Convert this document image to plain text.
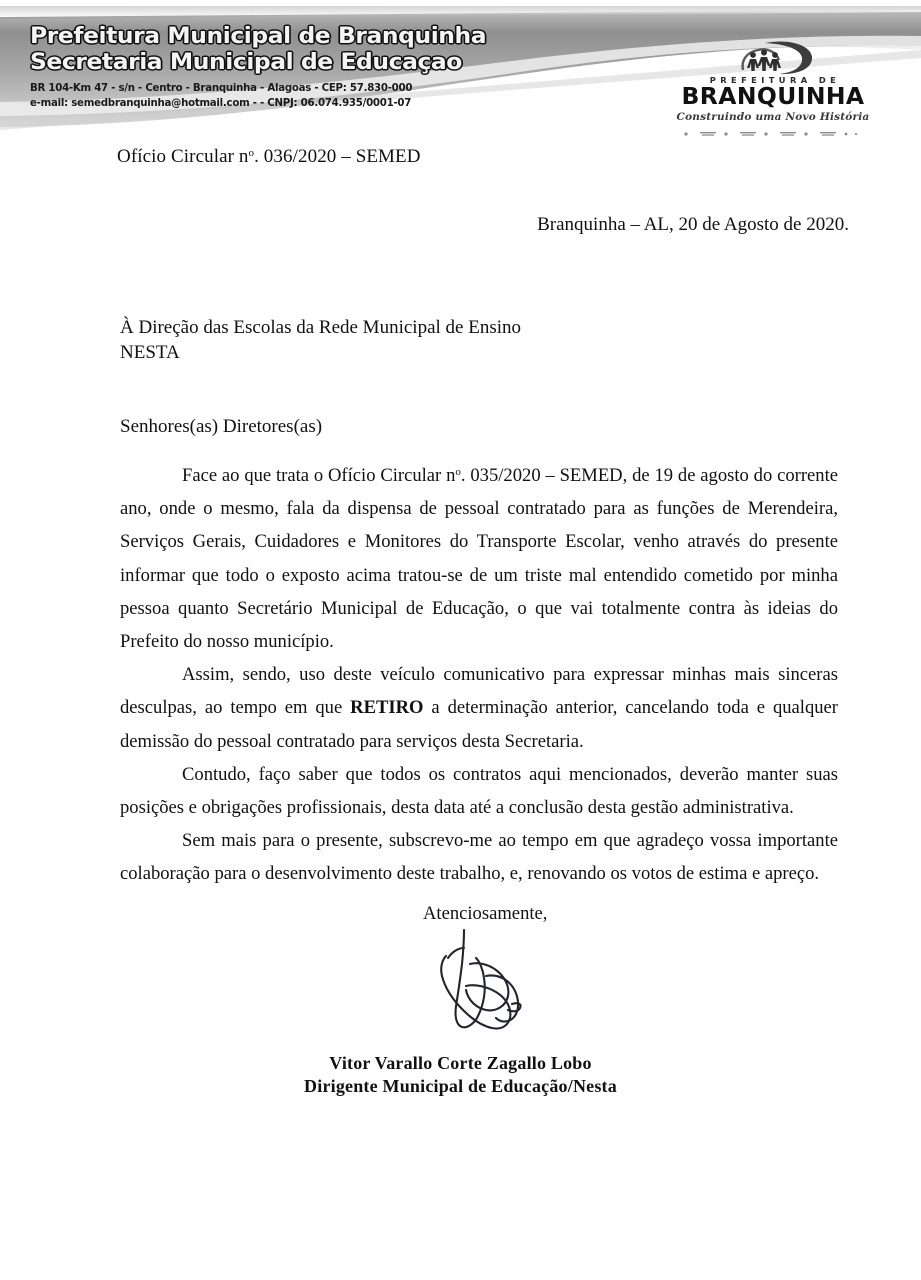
Prefeitura Municipal de Branquinha
Secretaria Municipal de Educaçao
BR 104-Km 47 - s/n - Centro - Branquinha - Alagoas - CEP: 57.830-000
e-mail: semedbranquinha@hotmail.com - - CNPJ: 06.074.935/0001-07
PREFEITURA DE
BRANQUINHA
Construindo uma Novo História
Ofício Circular $n^o$. 036/2020 – SEMED
Branquinha – AL, 20 de Agosto de 2020.
À Direção das Escolas da Rede Municipal de Ensino
NESTA
Senhores(as) Diretores(as)

Face ao que trata o Ofício Circular $n^o$. 035/2020 – SEMED, de 19 de agosto do corrente ano, onde o mesmo, fala da dispensa de pessoal contratado para as funções de Merendeira, Serviços Gerais, Cuidadores e Monitores do Transporte Escolar, venho através do presente informar que todo o exposto acima tratou-se de um triste mal entendido cometido por minha pessoa quanto Secretário Municipal de Educação, o que vai totalmente contra às ideias do Prefeito do nosso município.

Assim, sendo, uso deste veículo comunicativo para expressar minhas mais sinceras desculpas, ao tempo em que RETIRO a determinação anterior, cancelando toda e qualquer demissão do pessoal contratado para serviços desta Secretaria.

Contudo, faço saber que todos os contratos aqui mencionados, deverão manter suas posições e obrigações profissionais, desta data até a conclusão desta gestão administrativa.

Sem mais para o presente, subscrevo-me ao tempo em que agradeço vossa importante colaboração para o desenvolvimento deste trabalho, e, renovando os votos de estima e apreço.

Atenciosamente,
Vitor Varallo Corte Zagallo Lobo
Dirigente Municipal de Educação/Nesta
